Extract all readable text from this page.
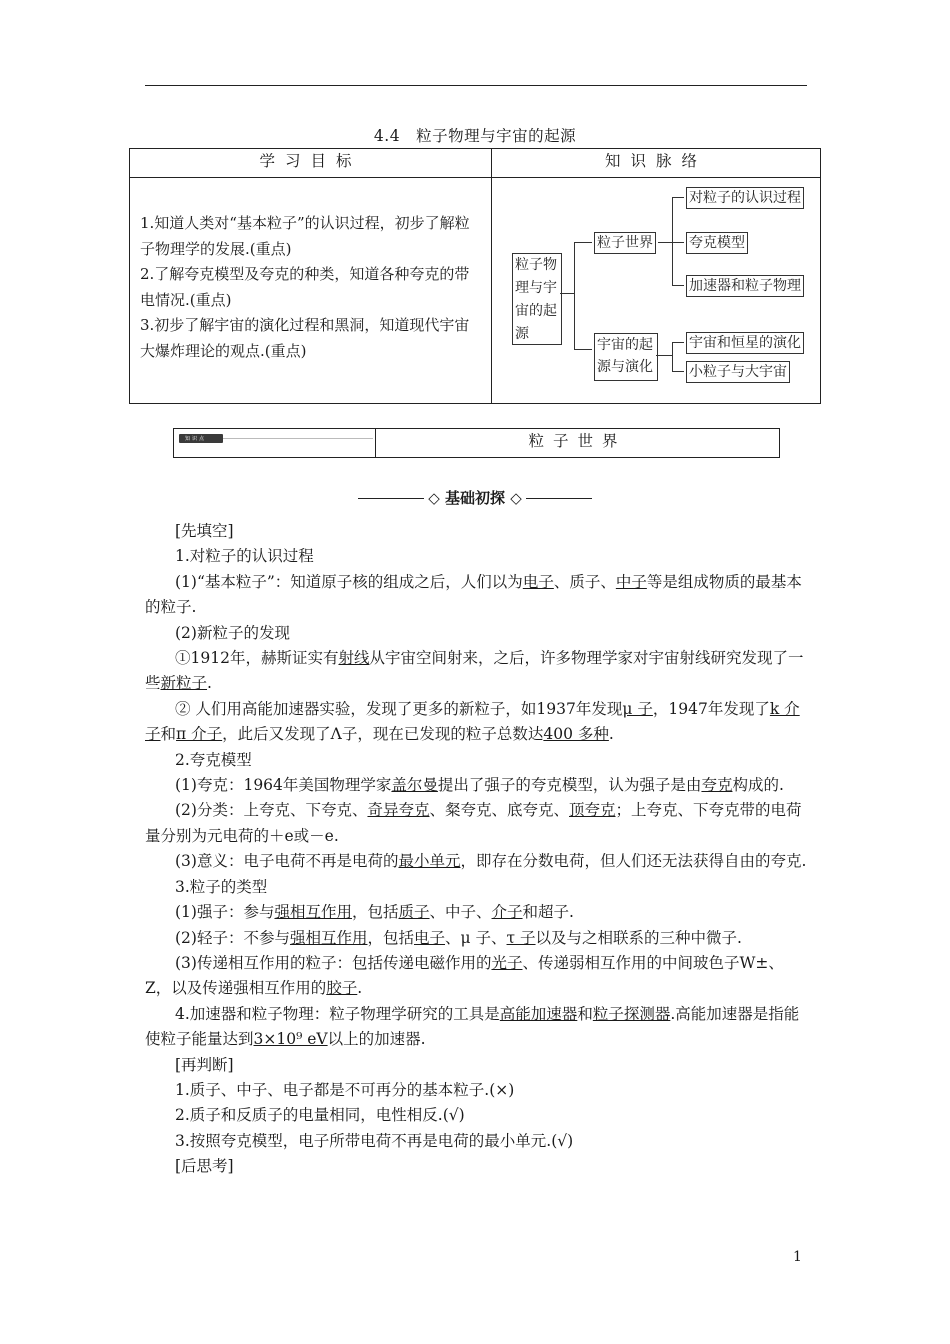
4.4　粒子物理与宇宙的起源
学习目标	知识脉络
1.知道人类对“基本粒子”的认识过程，初步了解粒子物理学的发展.(重点)
2.了解夸克模型及夸克的种类，知道各种夸克的带电情况.(重点)
3.初步了解宇宙的演化过程和黑洞，知道现代宇宙大爆炸理论的观点.(重点)
粒子物理与宇宙的起源
粒子世界
宇宙的起源与演化
对粒子的认识过程
夸克模型
加速器和粒子物理
宇宙和恒星的演化
小粒子与大宇宙
知识点	粒子世界
◇ 基础初探 ◇

[先填空]

1.对粒子的认识过程

(1)“基本粒子”：知道原子核的组成之后，人们以为电子、质子、中子等是组成物质的最基本的粒子.

(2)新粒子的发现

①1912年，赫斯证实有射线从宇宙空间射来，之后，许多物理学家对宇宙射线研究发现了一些新粒子.

② 人们用高能加速器实验，发现了更多的新粒子，如1937年发现μ 子，1947年发现了k 介子和π 介子，此后又发现了Λ子，现在已发现的粒子总数达400 多种.

2.夸克模型

(1)夸克：1964年美国物理学家盖尔曼提出了强子的夸克模型，认为强子是由夸克构成的.

(2)分类：上夸克、下夸克、奇异夸克、粲夸克、底夸克、顶夸克；上夸克、下夸克带的电荷量分别为元电荷的＋e或－e.

(3)意义：电子电荷不再是电荷的最小单元，即存在分数电荷，但人们还无法获得自由的夸克.

3.粒子的类型

(1)强子：参与强相互作用，包括质子、中子、介子和超子.

(2)轻子：不参与强相互作用，包括电子、μ 子、τ 子以及与之相联系的三种中微子.

(3)传递相互作用的粒子：包括传递电磁作用的光子、传递弱相互作用的中间玻色子W±、Z，以及传递强相互作用的胶子.

4.加速器和粒子物理：粒子物理学研究的工具是高能加速器和粒子探测器.高能加速器是指能使粒子能量达到3×10⁹ eV以上的加速器.

[再判断]

1.质子、中子、电子都是不可再分的基本粒子.(×)

2.质子和反质子的电量相同，电性相反.(√)

3.按照夸克模型，电子所带电荷不再是电荷的最小单元.(√)

[后思考]

1
